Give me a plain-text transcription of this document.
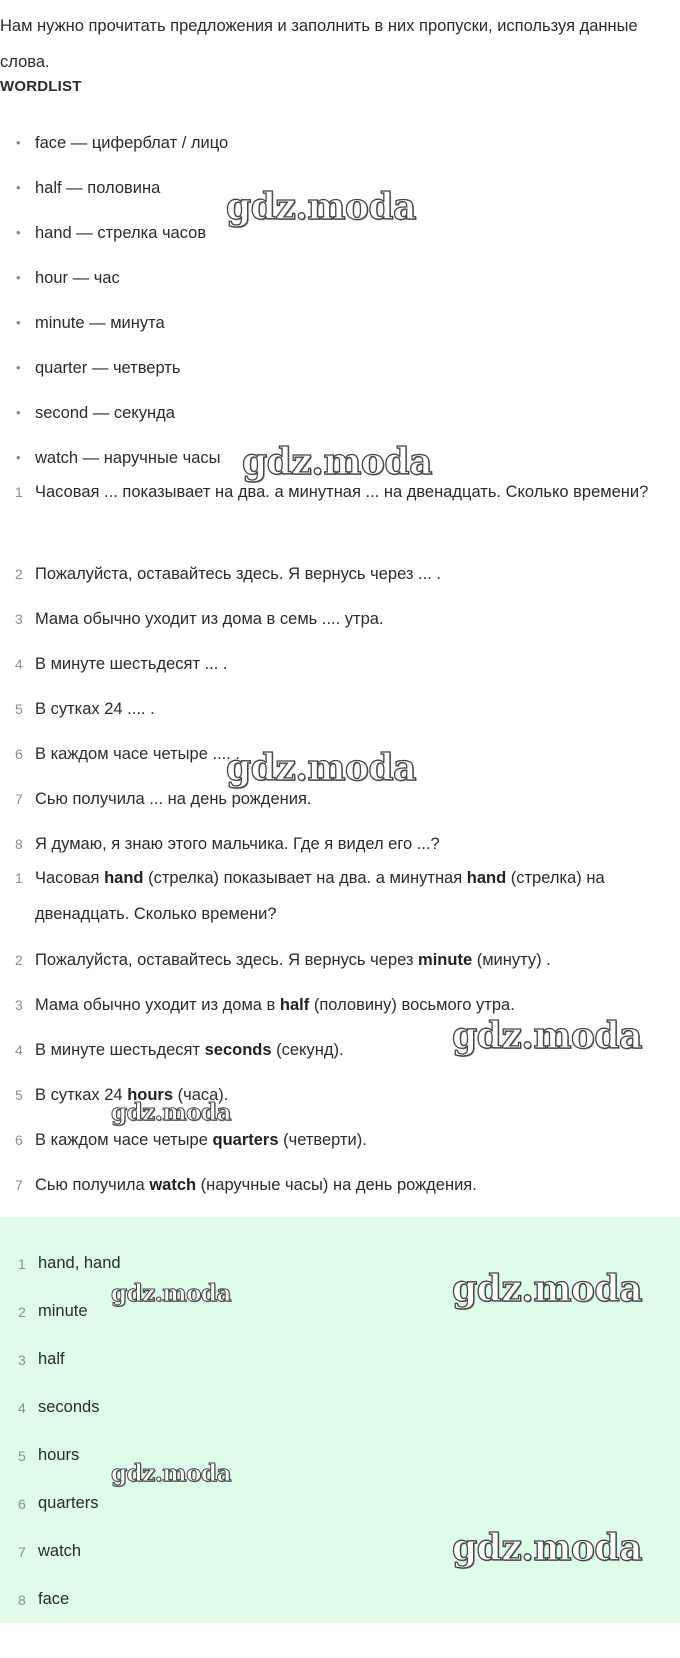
Нам нужно прочитать предложения и заполнить в них пропуски, используя данные слова.
WORDLIST
• face — циферблат / лицо
• half — половина
• hand — стрелка часов
• hour — час
• minute — минута
• quarter — четверть
• second — секунда
• watch — наручные часы
1 Часовая ... показывает на два. а минутная ... на двенадцать. Сколько времени?
2 Пожалуйста, оставайтесь здесь. Я вернусь через ... .
3 Мама обычно уходит из дома в семь .... утра.
4 В минуте шестьдесят ... .
5 В сутках 24 .... .
6 В каждом часе четыре .... .
7 Сью получила ... на день рождения.
8 Я думаю, я знаю этого мальчика. Где я видел его ...?
1 Часовая hand (стрелка) показывает на два. а минутная hand (стрелка) на двенадцать. Сколько времени?
2 Пожалуйста, оставайтесь здесь. Я вернусь через minute (минуту) .
3 Мама обычно уходит из дома в half (половину) восьмого утра.
4 В минуте шестьдесят seconds (секунд).
5 В сутках 24 hours (часа).
6 В каждом часе четыре quarters (четверти).
7 Сью получила watch (наручные часы) на день рождения.
1 hand, hand
2 minute
3 half
4 seconds
5 hours
6 quarters
7 watch
8 face
gdz.moda
gdz.moda
gdz.moda
gdz.moda
gdz.moda
gdz.moda	gdz.moda
gdz.moda
gdz.moda
